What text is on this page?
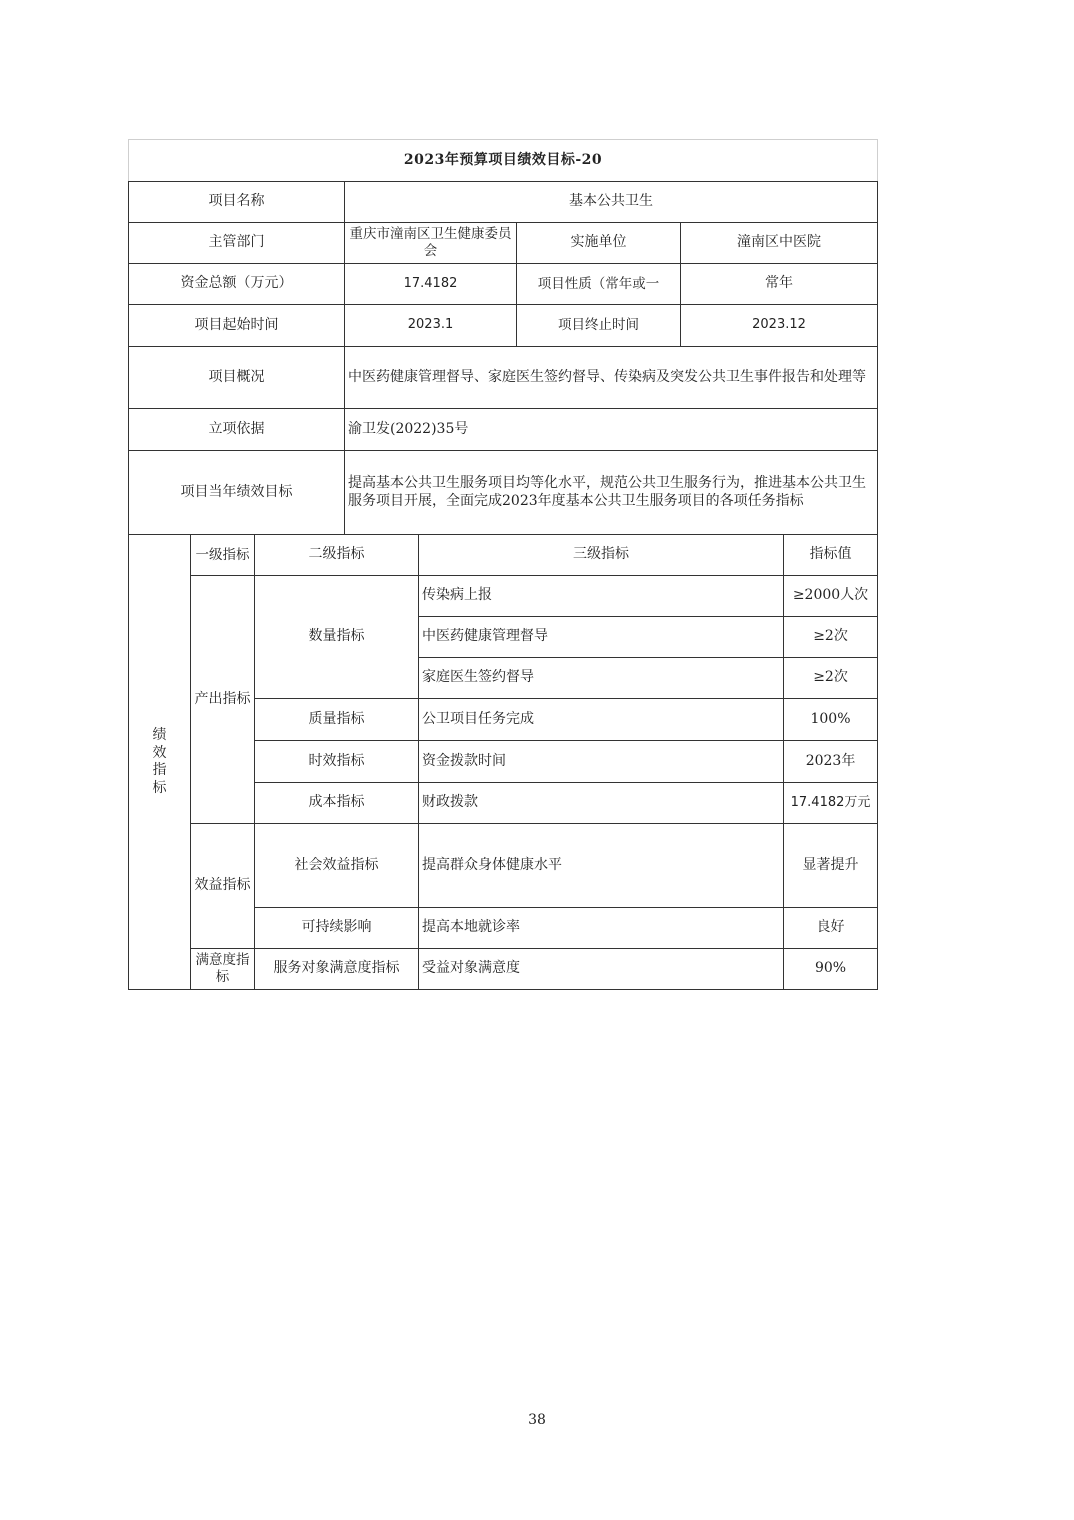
2023年预算项目绩效目标-20							
项目名称			基本公共卫生				
主管部门			重庆市潼南区卫生健康委员会		实施单位	潼南区中医院	
资金总额（万元）			17.4182		项目性质（常年或一	常年	
项目起始时间			2023.1		项目终止时间	2023.12	
项目概况			中医药健康管理督导、家庭医生签约督导、传染病及突发公共卫生事件报告和处理等				
立项依据			渝卫发(2022)35号				
项目当年绩效目标			提高基本公共卫生服务项目均等化水平，规范公共卫生服务行为，推进基本公共卫生服务项目开展，全面完成2023年度基本公共卫生服务项目的各项任务指标				
绩效指标	一级指标	二级指标		三级指标			指标值
	产出指标	数量指标		传染病上报			≥2000人次
				中医药健康管理督导			≥2次
				家庭医生签约督导			≥2次
		质量指标		公卫项目任务完成			100%
		时效指标		资金拨款时间			2023年
		成本指标		财政拨款			17.4182万元
	效益指标	社会效益指标		提高群众身体健康水平			显著提升
		可持续影响		提高本地就诊率			良好
	满意度指标	服务对象满意度指标		受益对象满意度			90%
38
